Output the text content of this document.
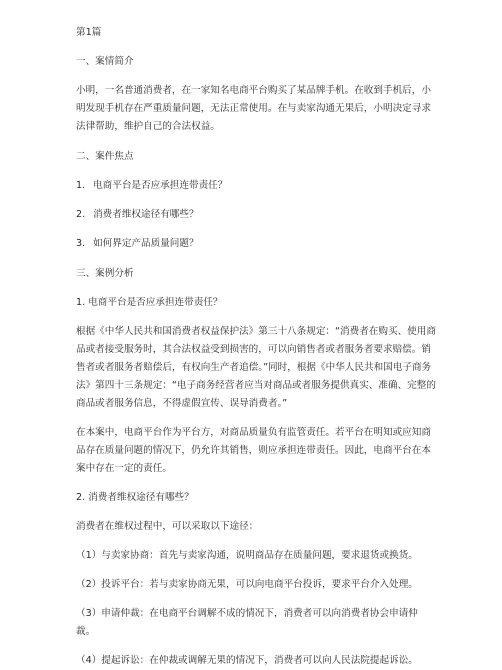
第1篇

一、案情简介

小明，一名普通消费者，在一家知名电商平台购买了某品牌手机。在收到手机后，小明发现手机存在严重质量问题，无法正常使用。在与卖家沟通无果后，小明决定寻求法律帮助，维护自己的合法权益。

二、案件焦点

1. 电商平台是否应承担连带责任？

2. 消费者维权途径有哪些？

3. 如何界定产品质量问题？

三、案例分析

1. 电商平台是否应承担连带责任？

根据《中华人民共和国消费者权益保护法》第三十八条规定：“消费者在购买、使用商品或者接受服务时，其合法权益受到损害的，可以向销售者或者服务者要求赔偿。销售者或者服务者赔偿后，有权向生产者追偿。”同时，根据《中华人民共和国电子商务法》第四十三条规定：“电子商务经营者应当对商品或者服务提供真实、准确、完整的商品或者服务信息，不得虚假宣传、误导消费者。”

在本案中，电商平台作为平台方，对商品质量负有监管责任。若平台在明知或应知商品存在质量问题的情况下，仍允许其销售，则应承担连带责任。因此，电商平台在本案中存在一定的责任。

2. 消费者维权途径有哪些？

消费者在维权过程中，可以采取以下途径：

（1）与卖家协商：首先与卖家沟通，说明商品存在质量问题，要求退货或换货。

（2）投诉平台：若与卖家协商无果，可以向电商平台投诉，要求平台介入处理。

（3）申请仲裁：在电商平台调解不成的情况下，消费者可以向消费者协会申请仲裁。

（4）提起诉讼：在仲裁或调解无果的情况下，消费者可以向人民法院提起诉讼。
